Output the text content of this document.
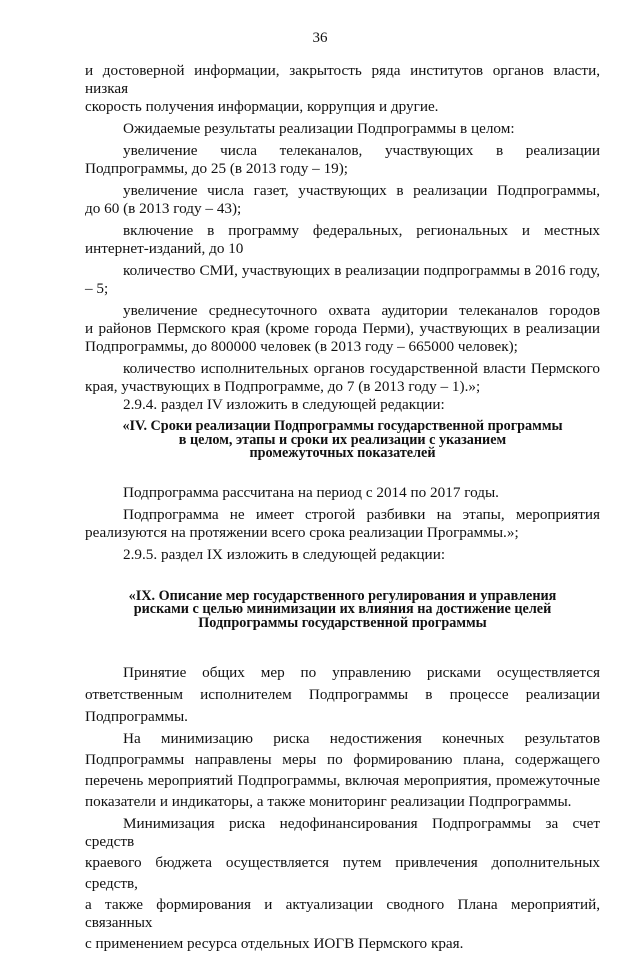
36

и достоверной информации, закрытость ряда институтов органов власти, низкая

скорость получения информации, коррупция и другие.

Ожидаемые результаты реализации Подпрограммы в целом:

увеличение числа телеканалов, участвующих в реализации

Подпрограммы, до 25 (в 2013 году – 19);

увеличение числа газет, участвующих в реализации Подпрограммы,

до 60 (в 2013 году – 43);

включение в программу федеральных, региональных и местных

интернет-изданий, до 10

количество СМИ, участвующих в реализации подпрограммы в 2016 году,

– 5;

увеличение среднесуточного охвата аудитории телеканалов городов

и районов Пермского края (кроме города Перми), участвующих в реализации

Подпрограммы, до 800000 человек (в 2013 году – 665000 человек);

количество исполнительных органов государственной власти Пермского

края, участвующих в Подпрограмме, до 7 (в 2013 году – 1).»;

2.9.4. раздел IV изложить в следующей редакции:

«IV. Сроки реализации Подпрограммы государственной программы
в целом, этапы и сроки их реализации с указанием
промежуточных показателей

Подпрограмма рассчитана на период с 2014 по 2017 годы.

Подпрограмма не имеет строгой разбивки на этапы, мероприятия

реализуются на протяжении всего срока реализации Программы.»;

2.9.5. раздел IX изложить в следующей редакции:

«IX. Описание мер государственного регулирования и управления
рисками с целью минимизации их влияния на достижение целей
Подпрограммы государственной программы

Принятие общих мер по управлению рисками осуществляется

ответственным исполнителем Подпрограммы в процессе реализации

Подпрограммы.

На минимизацию риска недостижения конечных результатов

Подпрограммы направлены меры по формированию плана, содержащего

перечень мероприятий Подпрограммы, включая мероприятия, промежуточные

показатели и индикаторы, а также мониторинг реализации Подпрограммы.

Минимизация риска недофинансирования Подпрограммы за счет средств

краевого бюджета осуществляется путем привлечения дополнительных

средств,

а также формирования и актуализации сводного Плана мероприятий, связанных

с применением ресурса отдельных ИОГВ Пермского края.
